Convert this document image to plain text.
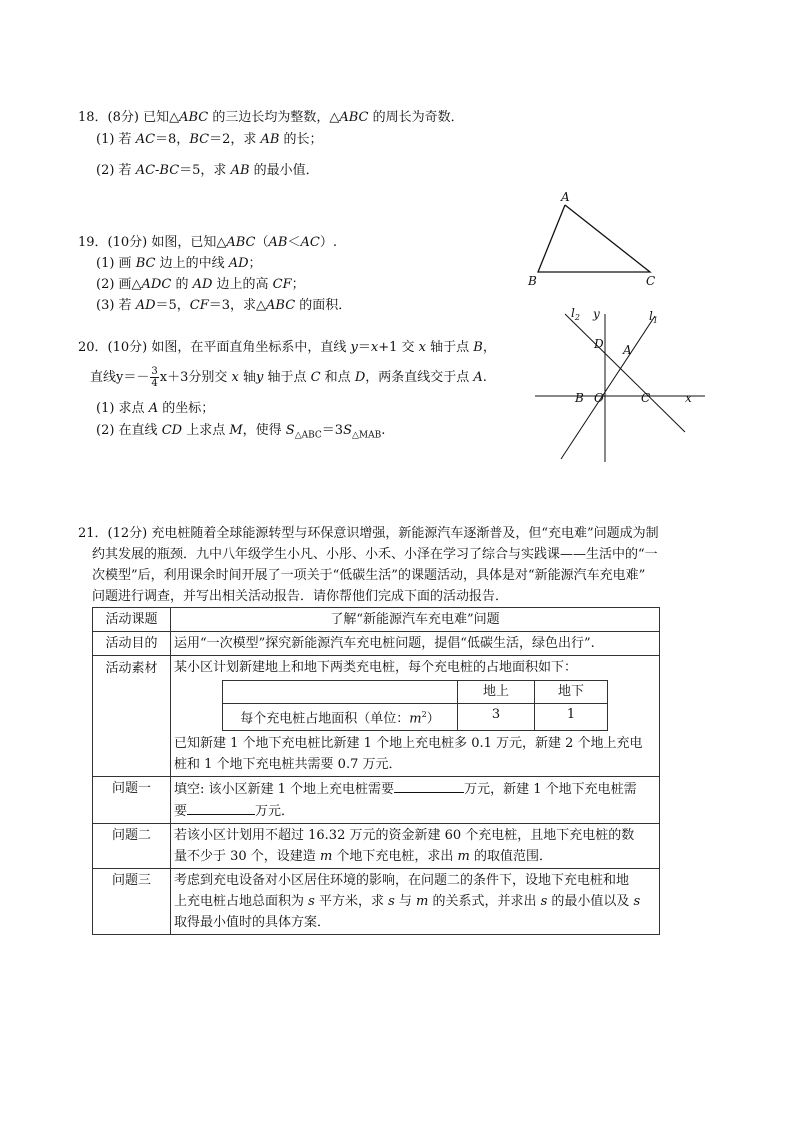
18．(8分) 已知△ABC 的三边长均为整数，△ABC 的周长为奇数．
(1) 若 AC＝8，BC＝2，求 AB 的长；
(2) 若 AC-BC＝5，求 AB 的最小值．
A
B	C
19．(10分) 如图，已知△ABC（AB＜AC）.
(1) 画 BC 边上的中线 AD；
(2) 画△ADC 的 AD 边上的高 CF；
(3) 若 AD＝5，CF＝3，求△ABC 的面积．	$l_2$	$l_1$
y
x
D A
B O	C
20．(10分) 如图，在平面直角坐标系中，直线 y＝x+1 交 x 轴于点 B，
直线$y=- \frac{3}{4} x+3$分别交 x 轴y 轴于点 C 和点 D，两条直线交于点 A.
(1) 求点 A 的坐标；
(2) 在直线 CD 上求点 M，使得 $S_{\triangle ABC}=3S_{\triangle MAB}$.
21．(12分) 充电桩随着全球能源转型与环保意识增强，新能源汽车逐渐普及，但“充电难”问题成为制
约其发展的瓶颈．九中八年级学生小凡、小彤、小禾、小泽在学习了综合与实践课——生活中的“一
次模型”后，利用课余时间开展了一项关于“低碳生活”的课题活动，具体是对“新能源汽车充电难”
问题进行调查，并写出相关活动报告．请你帮他们完成下面的活动报告．
活动课题	了解“新能源汽车充电难”问题
活动目的	运用“一次模型”探究新能源汽车充电桩问题，提倡“低碳生活，绿色出行”.
活动素材	某小区计划新建地上和地下两类充电桩，每个充电桩的占地面积如下：
	地上	地下
每个充电桩占地面积（单位：$m^2$）	3	1
已知新建 1 个地下充电桩比新建 1 个地上充电桩多 0.1 万元，新建 2 个地上充电
桩和 1 个地下充电桩共需要 0.7 万元．

问题一	填空: 该小区新建 1 个地上充电桩需要	万元，新建 1 个地下充电桩需
要	万元．

问题二	若该小区计划用不超过 16.32 万元的资金新建 60 个充电桩，且地下充电桩的数
量不少于 30 个，设建造 m 个地下充电桩，求出 m 的取值范围．

问题三	考虑到充电设备对小区居住环境的影响，在问题二的条件下，设地下充电桩和地
上充电桩占地总面积为 s 平方米，求 s 与 m 的关系式，并求出 s 的最小值以及 s
取得最小值时的具体方案．
